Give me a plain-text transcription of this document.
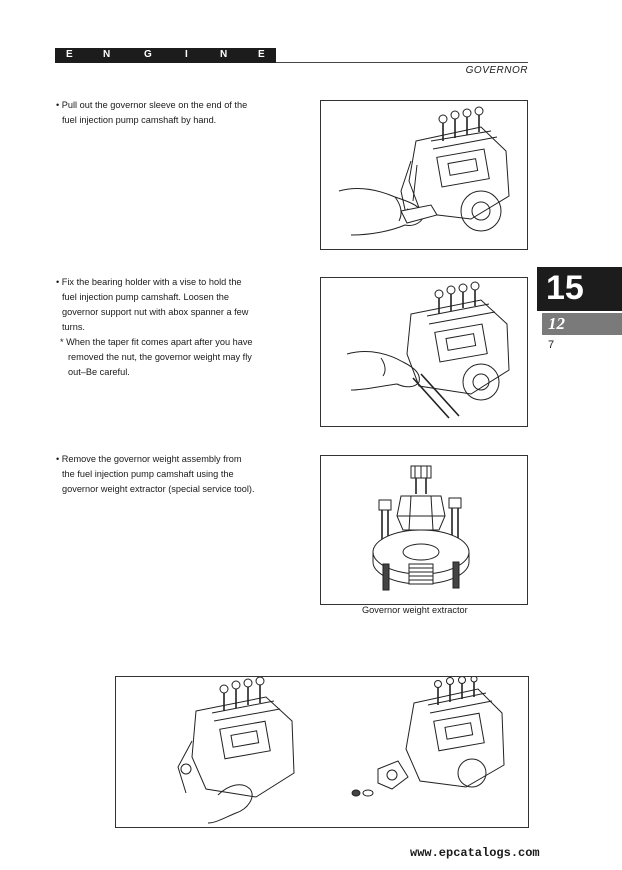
E	N	G	I	N	E
GOVERNOR
15
12
7
• Pull out the governor sleeve on the end of the
fuel injection pump camshaft by hand.
• Fix the bearing holder with a vise to hold the
fuel injection pump camshaft. Loosen the
governor support nut with abox spanner a few
turns.
* When the taper fit comes apart after you have
removed the nut, the governor weight may fly
out–Be careful.
• Remove the governor weight assembly from
the fuel injection pump camshaft using the
governor weight extractor (special service tool).
Governor weight extractor
www.epcatalogs.com
